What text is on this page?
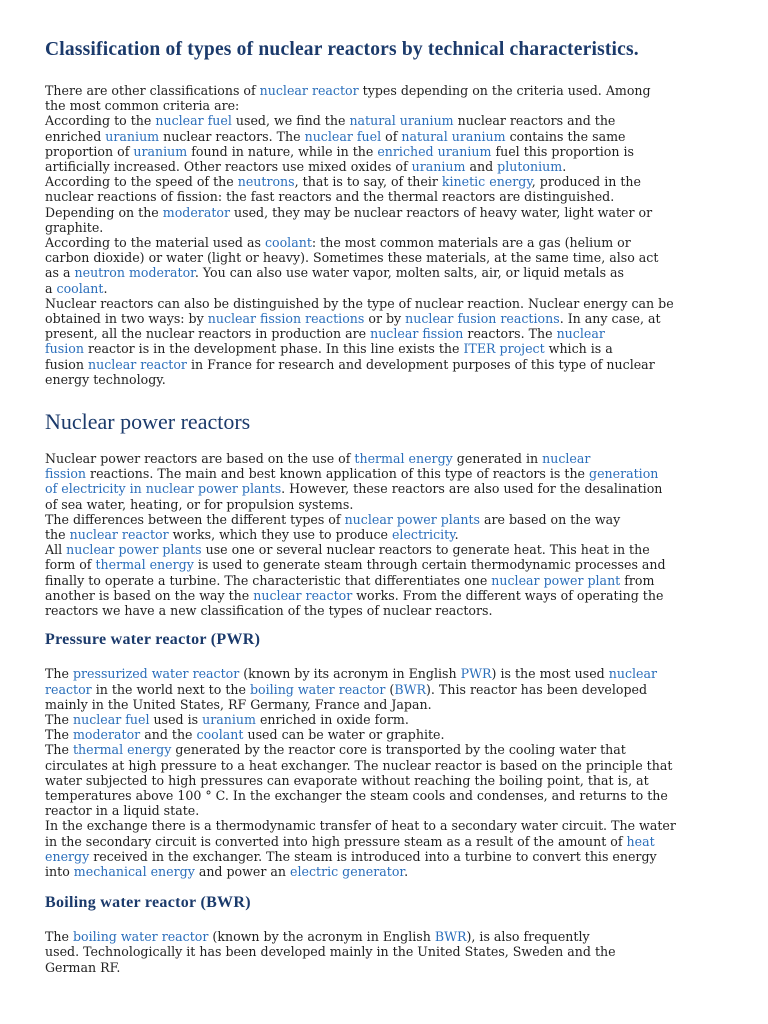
Classification of types of nuclear reactors by technical characteristics.
There are other classifications of nuclear reactor types depending on the criteria used. Among
the most common criteria are:
According to the nuclear fuel used, we find the natural uranium nuclear reactors and the
enriched uranium nuclear reactors. The nuclear fuel of natural uranium contains the same
proportion of uranium found in nature, while in the enriched uranium fuel this proportion is
artificially increased. Other reactors use mixed oxides of uranium and plutonium.
According to the speed of the neutrons, that is to say, of their kinetic energy, produced in the
nuclear reactions of fission: the fast reactors and the thermal reactors are distinguished.
Depending on the moderator used, they may be nuclear reactors of heavy water, light water or
graphite.
According to the material used as coolant: the most common materials are a gas (helium or
carbon dioxide) or water (light or heavy). Sometimes these materials, at the same time, also act
as a neutron moderator. You can also use water vapor, molten salts, air, or liquid metals as
a coolant.
Nuclear reactors can also be distinguished by the type of nuclear reaction. Nuclear energy can be
obtained in two ways: by nuclear fission reactions or by nuclear fusion reactions. In any case, at
present, all the nuclear reactors in production are nuclear fission reactors. The nuclear
fusion reactor is in the development phase. In this line exists the ITER project which is a
fusion nuclear reactor in France for research and development purposes of this type of nuclear
energy technology.
Nuclear power reactors
Nuclear power reactors are based on the use of thermal energy generated in nuclear
fission reactions. The main and best known application of this type of reactors is the generation
of electricity in nuclear power plants. However, these reactors are also used for the desalination
of sea water, heating, or for propulsion systems.
The differences between the different types of nuclear power plants are based on the way
the nuclear reactor works, which they use to produce electricity.
All nuclear power plants use one or several nuclear reactors to generate heat. This heat in the
form of thermal energy is used to generate steam through certain thermodynamic processes and
finally to operate a turbine. The characteristic that differentiates one nuclear power plant from
another is based on the way the nuclear reactor works. From the different ways of operating the
reactors we have a new classification of the types of nuclear reactors.
Pressure water reactor (PWR)
The pressurized water reactor (known by its acronym in English PWR) is the most used nuclear
reactor in the world next to the boiling water reactor (BWR). This reactor has been developed
mainly in the United States, RF Germany, France and Japan.
The nuclear fuel used is uranium enriched in oxide form.
The moderator and the coolant used can be water or graphite.
The thermal energy generated by the reactor core is transported by the cooling water that
circulates at high pressure to a heat exchanger. The nuclear reactor is based on the principle that
water subjected to high pressures can evaporate without reaching the boiling point, that is, at
temperatures above 100 ° C. In the exchanger the steam cools and condenses, and returns to the
reactor in a liquid state.
In the exchange there is a thermodynamic transfer of heat to a secondary water circuit. The water
in the secondary circuit is converted into high pressure steam as a result of the amount of heat
energy received in the exchanger. The steam is introduced into a turbine to convert this energy
into mechanical energy and power an electric generator.
Boiling water reactor (BWR)
The boiling water reactor (known by the acronym in English BWR), is also frequently
used. Technologically it has been developed mainly in the United States, Sweden and the
German RF.
